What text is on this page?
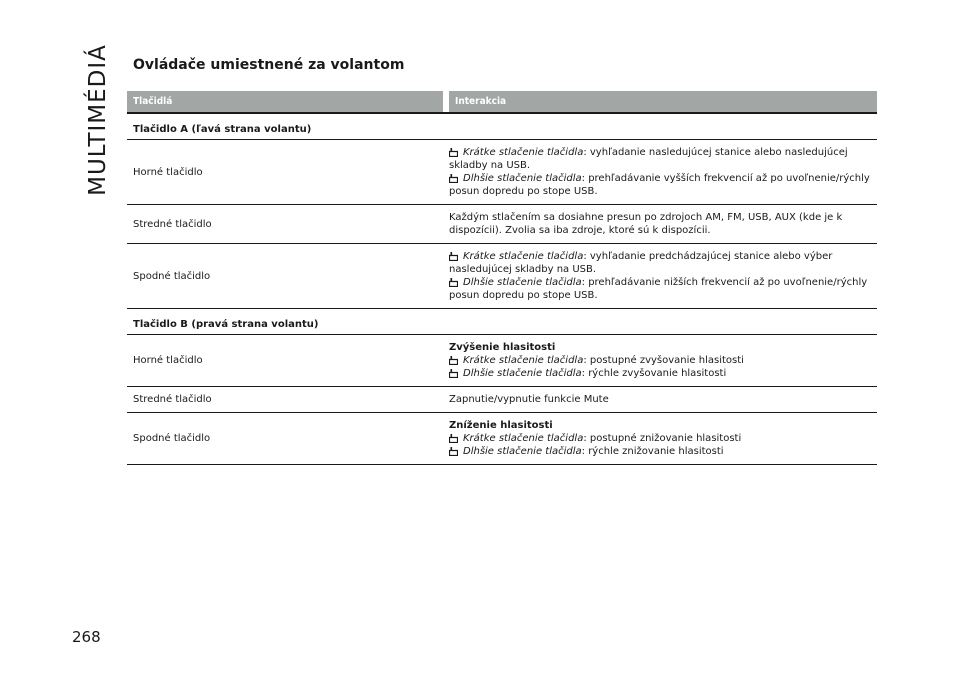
MULTIMÉDIÁ Ovládače umiestnené za volantom
Tlačidlá	Interakcia
Tlačidlo A (ľavá strana volantu)
Horné tlačidlo
Krátke stlačenie tlačidla: vyhľadanie nasledujúcej stanice alebo nasledujúcej
skladby na USB.
Dlhšie stlačenie tlačidla: prehľadávanie vyšších frekvencií až po uvoľnenie/rýchly
posun dopredu po stope USB.
Stredné tlačidlo
Každým stlačením sa dosiahne presun po zdrojoch AM, FM, USB, AUX (kde je k
dispozícii). Zvolia sa iba zdroje, ktoré sú k dispozícii.
Spodné tlačidlo
Krátke stlačenie tlačidla: vyhľadanie predchádzajúcej stanice alebo výber
nasledujúcej skladby na USB.
Dlhšie stlačenie tlačidla: prehľadávanie nižších frekvencií až po uvoľnenie/rýchly
posun dopredu po stope USB.
Tlačidlo B (pravá strana volantu)
Horné tlačidlo
Zvýšenie hlasitosti
Krátke stlačenie tlačidla: postupné zvyšovanie hlasitosti
Dlhšie stlačenie tlačidla: rýchle zvyšovanie hlasitosti
Stredné tlačidlo	Zapnutie/vypnutie funkcie Mute
Spodné tlačidlo
Zníženie hlasitosti
Krátke stlačenie tlačidla: postupné znižovanie hlasitosti
Dlhšie stlačenie tlačidla: rýchle znižovanie hlasitosti
268
